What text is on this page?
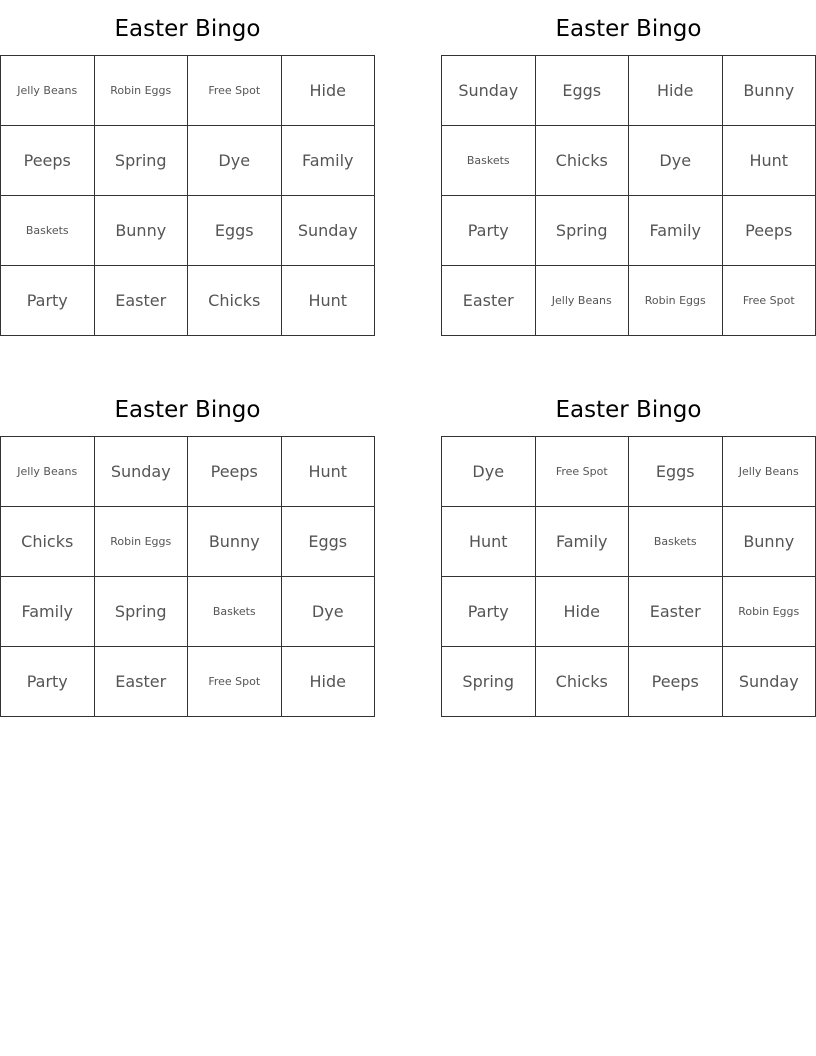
Easter Bingo
Jelly Beans	Robin Eggs	Free Spot	Hide
Peeps	Spring	Dye	Family
Baskets	Bunny	Eggs	Sunday
Party	Easter	Chicks	Hunt
Easter Bingo
Sunday	Eggs	Hide	Bunny
Baskets	Chicks	Dye	Hunt
Party	Spring	Family	Peeps
Easter	Jelly Beans	Robin Eggs	Free Spot
Easter Bingo
Jelly Beans	Sunday	Peeps	Hunt
Chicks	Robin Eggs	Bunny	Eggs
Family	Spring	Baskets	Dye
Party	Easter	Free Spot	Hide
Easter Bingo
Dye	Free Spot	Eggs	Jelly Beans
Hunt	Family	Baskets	Bunny
Party	Hide	Easter	Robin Eggs
Spring	Chicks	Peeps	Sunday
